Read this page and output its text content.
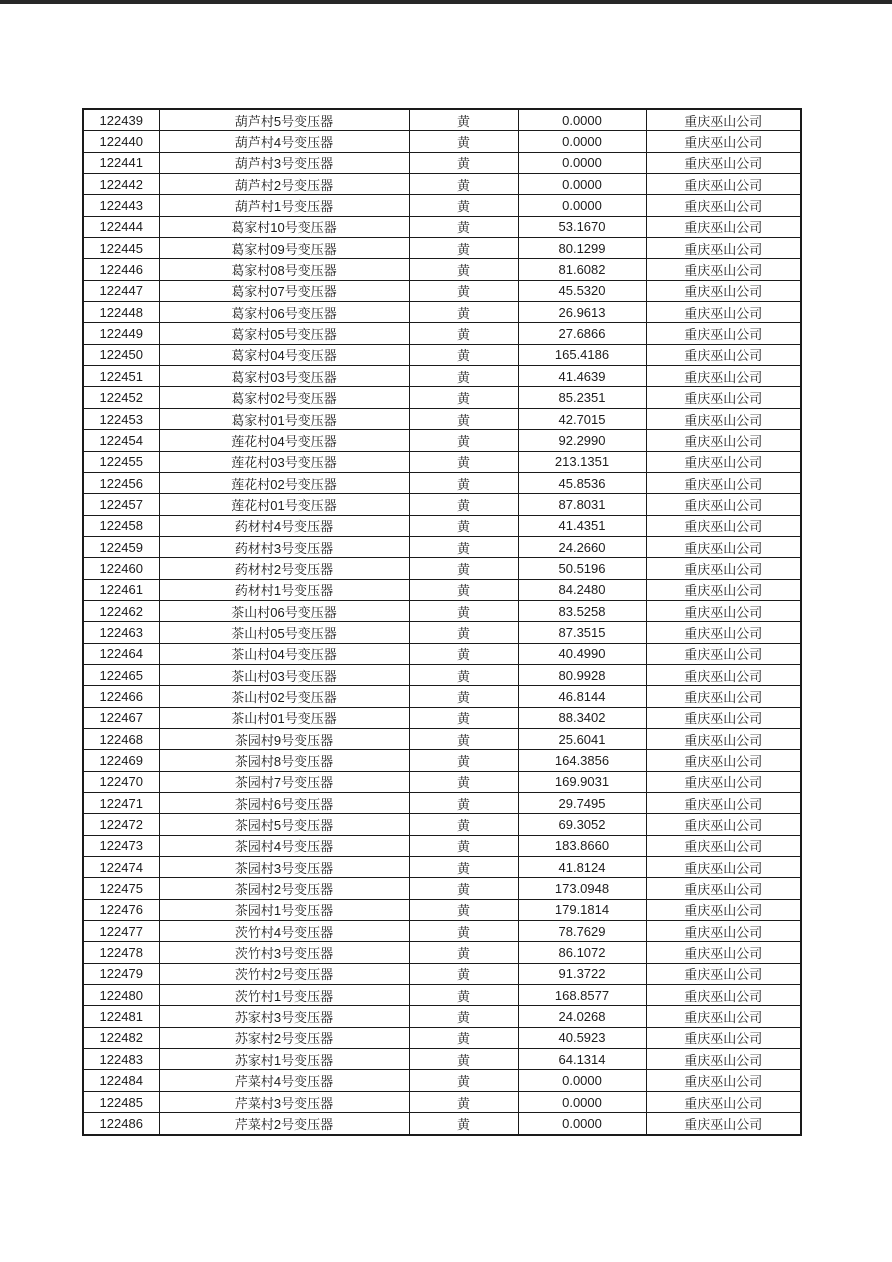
122439	葫芦村5号变压器	黄	0.0000	重庆巫山公司
122440	葫芦村4号变压器	黄	0.0000	重庆巫山公司
122441	葫芦村3号变压器	黄	0.0000	重庆巫山公司
122442	葫芦村2号变压器	黄	0.0000	重庆巫山公司
122443	葫芦村1号变压器	黄	0.0000	重庆巫山公司
122444	葛家村10号变压器	黄	53.1670	重庆巫山公司
122445	葛家村09号变压器	黄	80.1299	重庆巫山公司
122446	葛家村08号变压器	黄	81.6082	重庆巫山公司
122447	葛家村07号变压器	黄	45.5320	重庆巫山公司
122448	葛家村06号变压器	黄	26.9613	重庆巫山公司
122449	葛家村05号变压器	黄	27.6866	重庆巫山公司
122450	葛家村04号变压器	黄	165.4186	重庆巫山公司
122451	葛家村03号变压器	黄	41.4639	重庆巫山公司
122452	葛家村02号变压器	黄	85.2351	重庆巫山公司
122453	葛家村01号变压器	黄	42.7015	重庆巫山公司
122454	莲花村04号变压器	黄	92.2990	重庆巫山公司
122455	莲花村03号变压器	黄	213.1351	重庆巫山公司
122456	莲花村02号变压器	黄	45.8536	重庆巫山公司
122457	莲花村01号变压器	黄	87.8031	重庆巫山公司
122458	药材村4号变压器	黄	41.4351	重庆巫山公司
122459	药材村3号变压器	黄	24.2660	重庆巫山公司
122460	药材村2号变压器	黄	50.5196	重庆巫山公司
122461	药材村1号变压器	黄	84.2480	重庆巫山公司
122462	茶山村06号变压器	黄	83.5258	重庆巫山公司
122463	茶山村05号变压器	黄	87.3515	重庆巫山公司
122464	茶山村04号变压器	黄	40.4990	重庆巫山公司
122465	茶山村03号变压器	黄	80.9928	重庆巫山公司
122466	茶山村02号变压器	黄	46.8144	重庆巫山公司
122467	茶山村01号变压器	黄	88.3402	重庆巫山公司
122468	茶园村9号变压器	黄	25.6041	重庆巫山公司
122469	茶园村8号变压器	黄	164.3856	重庆巫山公司
122470	茶园村7号变压器	黄	169.9031	重庆巫山公司
122471	茶园村6号变压器	黄	29.7495	重庆巫山公司
122472	茶园村5号变压器	黄	69.3052	重庆巫山公司
122473	茶园村4号变压器	黄	183.8660	重庆巫山公司
122474	茶园村3号变压器	黄	41.8124	重庆巫山公司
122475	茶园村2号变压器	黄	173.0948	重庆巫山公司
122476	茶园村1号变压器	黄	179.1814	重庆巫山公司
122477	茨竹村4号变压器	黄	78.7629	重庆巫山公司
122478	茨竹村3号变压器	黄	86.1072	重庆巫山公司
122479	茨竹村2号变压器	黄	91.3722	重庆巫山公司
122480	茨竹村1号变压器	黄	168.8577	重庆巫山公司
122481	苏家村3号变压器	黄	24.0268	重庆巫山公司
122482	苏家村2号变压器	黄	40.5923	重庆巫山公司
122483	苏家村1号变压器	黄	64.1314	重庆巫山公司
122484	芹菜村4号变压器	黄	0.0000	重庆巫山公司
122485	芹菜村3号变压器	黄	0.0000	重庆巫山公司
122486	芹菜村2号变压器	黄	0.0000	重庆巫山公司
